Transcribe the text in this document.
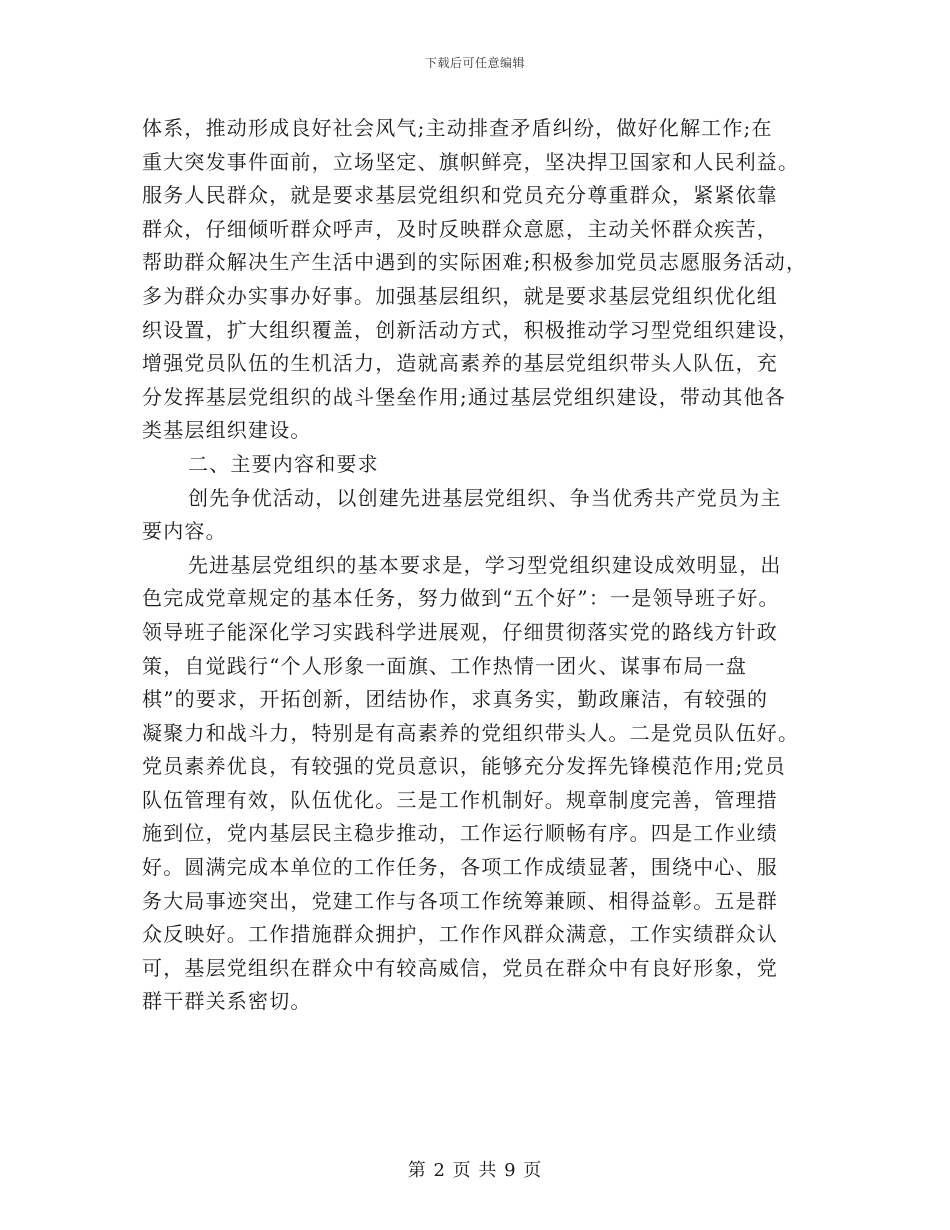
下载后可任意编辑
体系，推动形成良好社会风气;主动排查矛盾纠纷，做好化解工作;在
重大突发事件面前，立场坚定、旗帜鲜亮，坚决捍卫国家和人民利益。
服务人民群众，就是要求基层党组织和党员充分尊重群众，紧紧依靠
群众，仔细倾听群众呼声，及时反映群众意愿，主动关怀群众疾苦，
帮助群众解决生产生活中遇到的实际困难;积极参加党员志愿服务活动，
多为群众办实事办好事。加强基层组织，就是要求基层党组织优化组
织设置，扩大组织覆盖，创新活动方式，积极推动学习型党组织建设，
增强党员队伍的生机活力，造就高素养的基层党组织带头人队伍，充
分发挥基层党组织的战斗堡垒作用;通过基层党组织建设，带动其他各
类基层组织建设。
二、主要内容和要求
创先争优活动，以创建先进基层党组织、争当优秀共产党员为主
要内容。
先进基层党组织的基本要求是，学习型党组织建设成效明显，出
色完成党章规定的基本任务，努力做到“五个好”：一是领导班子好。
领导班子能深化学习实践科学进展观，仔细贯彻落实党的路线方针政
策，自觉践行“个人形象一面旗、工作热情一团火、谋事布局一盘
棋”的要求，开拓创新，团结协作，求真务实，勤政廉洁，有较强的
凝聚力和战斗力，特别是有高素养的党组织带头人。二是党员队伍好。
党员素养优良，有较强的党员意识，能够充分发挥先锋模范作用;党员
队伍管理有效，队伍优化。三是工作机制好。规章制度完善，管理措
施到位，党内基层民主稳步推动，工作运行顺畅有序。四是工作业绩
好。圆满完成本单位的工作任务，各项工作成绩显著，围绕中心、服
务大局事迹突出，党建工作与各项工作统筹兼顾、相得益彰。五是群
众反映好。工作措施群众拥护，工作作风群众满意，工作实绩群众认
可，基层党组织在群众中有较高威信，党员在群众中有良好形象，党
群干群关系密切。
第 2 页 共 9 页
